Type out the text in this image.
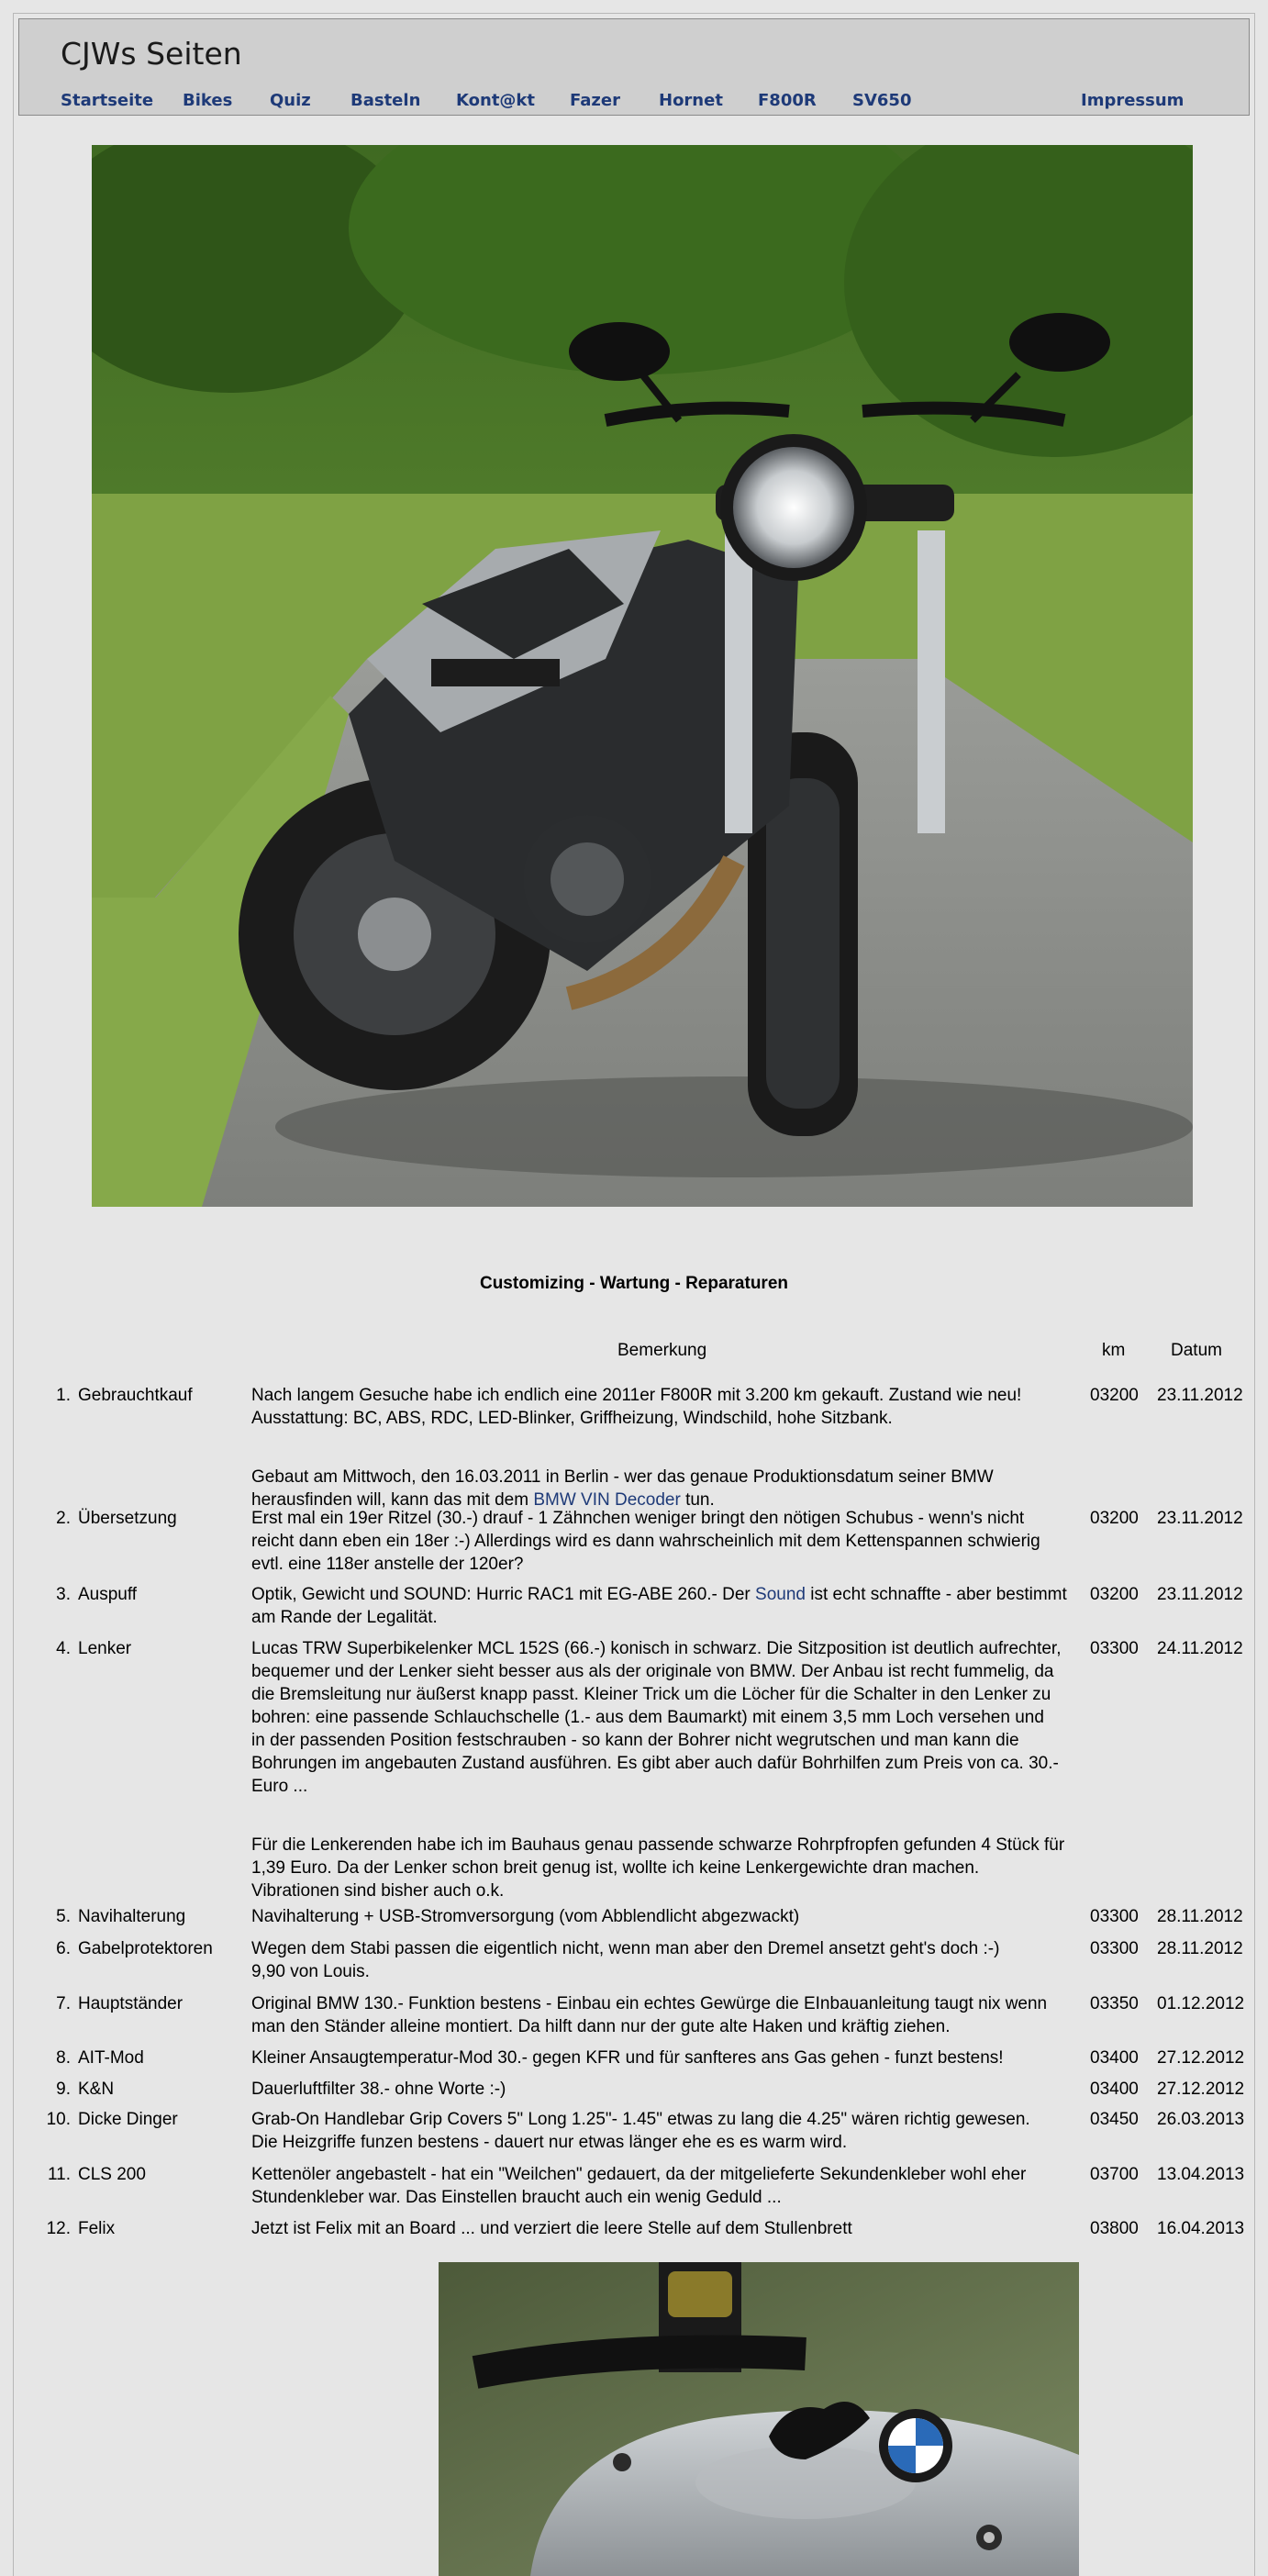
CJWs Seiten
Startseite Bikes Quiz Basteln Kont@kt Fazer Hornet F800R SV650	Impressum
Customizing - Wartung - Reparaturen
Bemerkung	km	Datum
1. Gebrauchtkauf	Nach langem Gesuche habe ich endlich eine 2011er F800R mit 3.200 km gekauft. Zustand wie neu!
Ausstattung: BC, ABS, RDC, LED-Blinker, Griffheizung, Windschild, hohe Sitzbank.
Gebaut am Mittwoch, den 16.03.2011 in Berlin - wer das genaue Produktionsdatum seiner BMW
herausfinden will, kann das mit dem BMW VIN Decoder tun.
03200 23.11.2012
2. Übersetzung	Erst mal ein 19er Ritzel (30.-) drauf - 1 Zähnchen weniger bringt den nötigen Schubus - wenn's nicht
reicht dann eben ein 18er :-) Allerdings wird es dann wahrscheinlich mit dem Kettenspannen schwierig
evtl. eine 118er anstelle der 120er?
03200 23.11.2012
3. Auspuff	Optik, Gewicht und SOUND: Hurric RAC1 mit EG-ABE 260.- Der Sound ist echt schnaffte - aber bestimmt
am Rande der Legalität.
03200 23.11.2012
4. Lenker	Lucas TRW Superbikelenker MCL 152S (66.-) konisch in schwarz. Die Sitzposition ist deutlich aufrechter,
bequemer und der Lenker sieht besser aus als der originale von BMW. Der Anbau ist recht fummelig, da
die Bremsleitung nur äußerst knapp passt. Kleiner Trick um die Löcher für die Schalter in den Lenker zu
bohren: eine passende Schlauchschelle (1.- aus dem Baumarkt) mit einem 3,5 mm Loch versehen und
in der passenden Position festschrauben - so kann der Bohrer nicht wegrutschen und man kann die
Bohrungen im angebauten Zustand ausführen. Es gibt aber auch dafür Bohrhilfen zum Preis von ca. 30.-
Euro ...
Für die Lenkerenden habe ich im Bauhaus genau passende schwarze Rohrpfropfen gefunden 4 Stück für
1,39 Euro. Da der Lenker schon breit genug ist, wollte ich keine Lenkergewichte dran machen.
Vibrationen sind bisher auch o.k.
03300 24.11.2012
5. Navihalterung	Navihalterung + USB-Stromversorgung (vom Abblendlicht abgezwackt)	03300 28.11.2012
6. Gabelprotektoren	Wegen dem Stabi passen die eigentlich nicht, wenn man aber den Dremel ansetzt geht's doch :-)
9,90 von Louis.
03300 28.11.2012
7. Hauptständer	Original BMW 130.- Funktion bestens - Einbau ein echtes Gewürge die EInbauanleitung taugt nix wenn
man den Ständer alleine montiert. Da hilft dann nur der gute alte Haken und kräftig ziehen.
03350 01.12.2012
8. AIT-Mod	Kleiner Ansaugtemperatur-Mod 30.- gegen KFR und für sanfteres ans Gas gehen - funzt bestens!	03400 27.12.2012
9. K&N	Dauerluftfilter 38.- ohne Worte :-)	03400 27.12.2012
10. Dicke Dinger	Grab-On Handlebar Grip Covers 5" Long 1.25"- 1.45" etwas zu lang die 4.25" wären richtig gewesen.
Die Heizgriffe funzen bestens - dauert nur etwas länger ehe es es warm wird.
03450 26.03.2013
11. CLS 200	Kettenöler angebastelt - hat ein "Weilchen" gedauert, da der mitgelieferte Sekundenkleber wohl eher
Stundenkleber war. Das Einstellen braucht auch ein wenig Geduld ...
03700 13.04.2013
12. Felix	Jetzt ist Felix mit an Board ... und verziert die leere Stelle auf dem Stullenbrett	03800 16.04.2013
